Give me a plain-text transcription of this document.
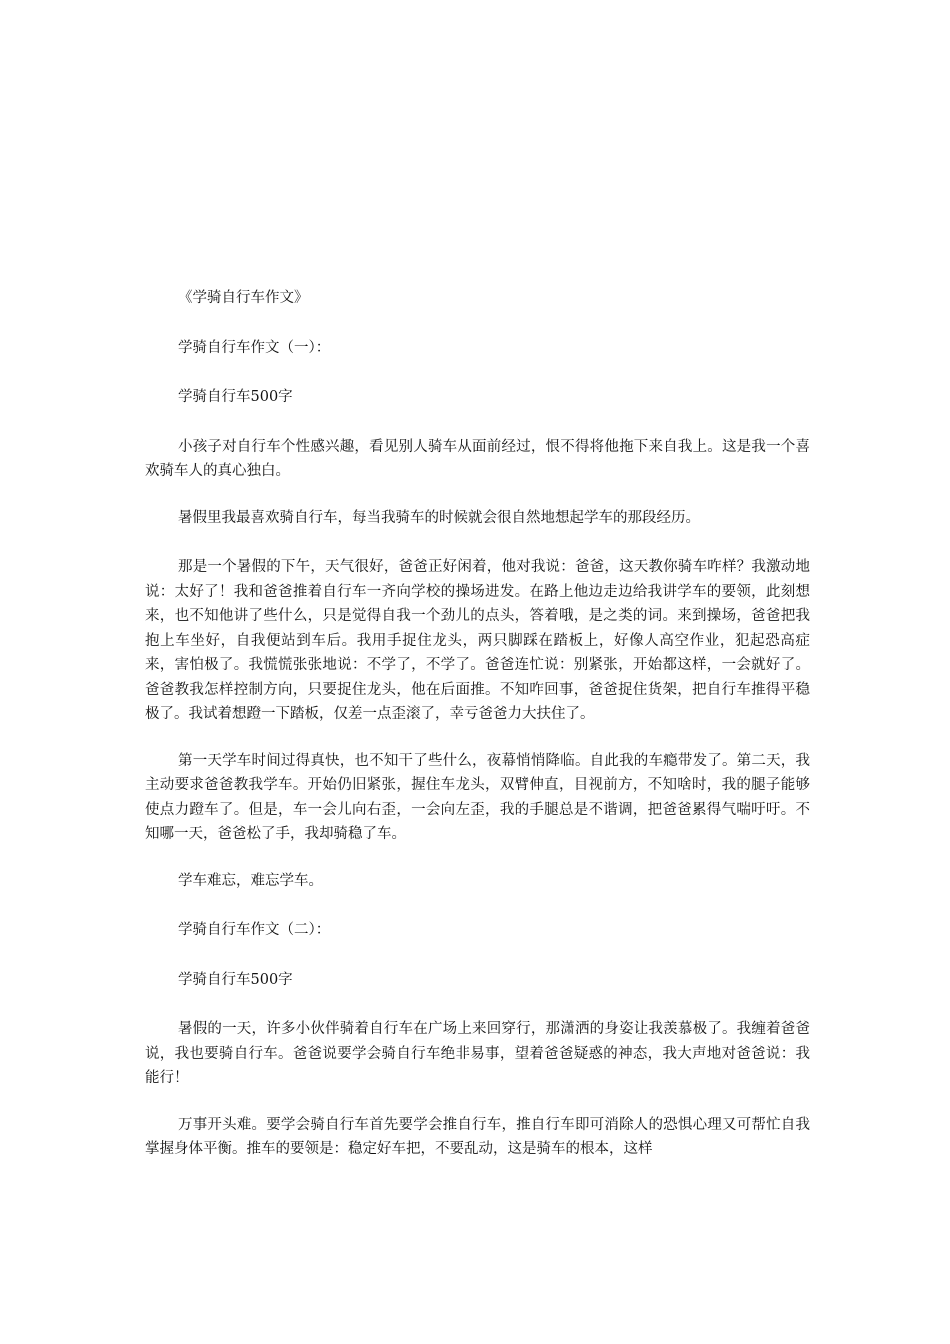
《学骑自行车作文》

学骑自行车作文（一）：

学骑自行车500字

小孩子对自行车个性感兴趣，看见别人骑车从面前经过，恨不得将他拖下来自我上。这是我一个喜欢骑车人的真心独白。

暑假里我最喜欢骑自行车，每当我骑车的时候就会很自然地想起学车的那段经历。

那是一个暑假的下午，天气很好，爸爸正好闲着，他对我说：爸爸，这天教你骑车咋样？我激动地说：太好了！我和爸爸推着自行车一齐向学校的操场进发。在路上他边走边给我讲学车的要领，此刻想来，也不知他讲了些什么，只是觉得自我一个劲儿的点头，答着哦，是之类的词。来到操场，爸爸把我抱上车坐好，自我便站到车后。我用手捉住龙头，两只脚踩在踏板上，好像人高空作业，犯起恐高症来，害怕极了。我慌慌张张地说：不学了，不学了。爸爸连忙说：别紧张，开始都这样，一会就好了。爸爸教我怎样控制方向，只要捉住龙头，他在后面推。不知咋回事，爸爸捉住货架，把自行车推得平稳极了。我试着想蹬一下踏板，仅差一点歪滚了，幸亏爸爸力大扶住了。

第一天学车时间过得真快，也不知干了些什么，夜幕悄悄降临。自此我的车瘾带发了。第二天，我主动要求爸爸教我学车。开始仍旧紧张，握住车龙头，双臂伸直，目视前方，不知啥时，我的腿子能够使点力蹬车了。但是，车一会儿向右歪，一会向左歪，我的手腿总是不谐调，把爸爸累得气喘吁吁。不知哪一天，爸爸松了手，我却骑稳了车。

学车难忘，难忘学车。

学骑自行车作文（二）：

学骑自行车500字

暑假的一天，许多小伙伴骑着自行车在广场上来回穿行，那潇洒的身姿让我羡慕极了。我缠着爸爸说，我也要骑自行车。爸爸说要学会骑自行车绝非易事，望着爸爸疑惑的神态，我大声地对爸爸说：我能行！

万事开头难。要学会骑自行车首先要学会推自行车，推自行车即可消除人的恐惧心理又可帮忙自我掌握身体平衡。推车的要领是：稳定好车把，不要乱动，这是骑车的根本，这样
